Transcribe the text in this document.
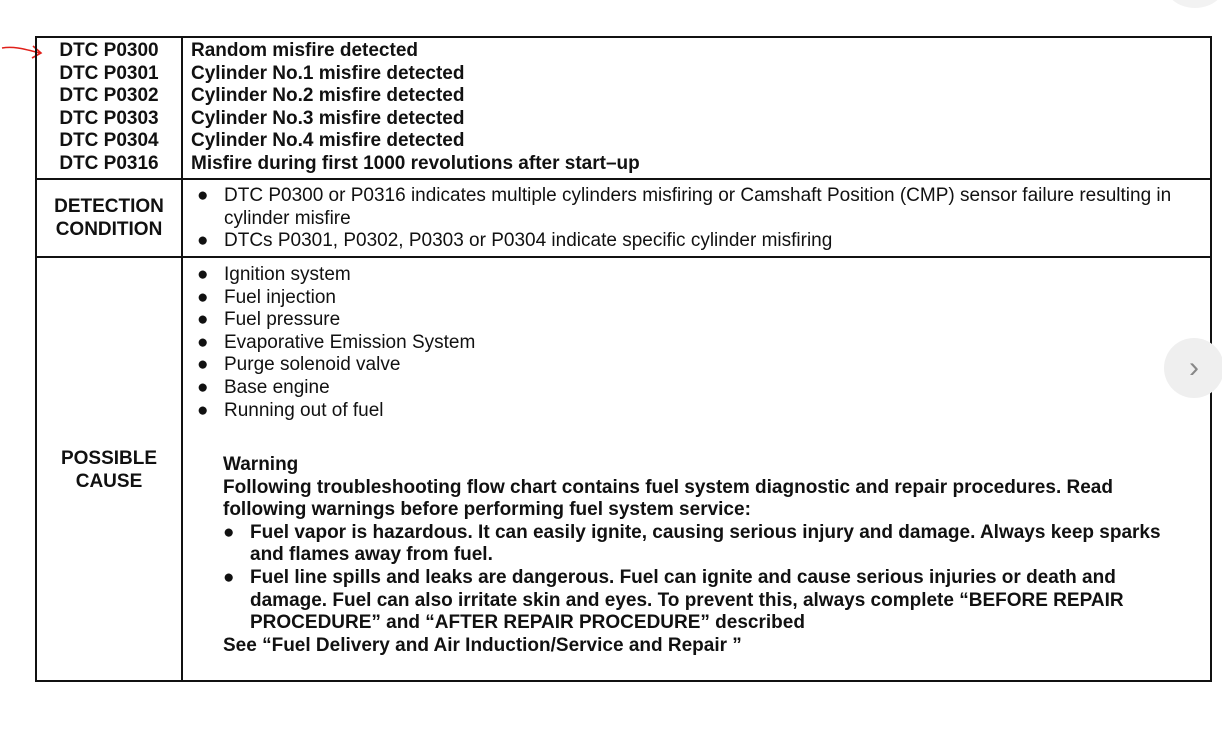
DTC P0300
DTC P0301
DTC P0302
DTC P0303
DTC P0304
DTC P0316
Random misfire detected
Cylinder No.1 misfire detected
Cylinder No.2 misfire detected
Cylinder No.3 misfire detected
Cylinder No.4 misfire detected
Misfire during first 1000 revolutions after start–up
DETECTION
CONDITION
● DTC P0300 or P0316 indicates multiple cylinders misfiring or Camshaft Position (CMP) sensor failure resulting in cylinder misfire
● DTCs P0301, P0302, P0303 or P0304 indicate specific cylinder misfiring
POSSIBLE
CAUSE
● Ignition system
● Fuel injection
● Fuel pressure
● Evaporative Emission System
● Purge solenoid valve
● Base engine
● Running out of fuel
Warning
Following troubleshooting flow chart contains fuel system diagnostic and repair procedures. Read following warnings before performing fuel system service:
● Fuel vapor is hazardous. It can easily ignite, causing serious injury and damage. Always keep sparks and flames away from fuel.
● Fuel line spills and leaks are dangerous. Fuel can ignite and cause serious injuries or death and damage. Fuel can also irritate skin and eyes. To prevent this, always complete “BEFORE REPAIR PROCEDURE” and “AFTER REPAIR PROCEDURE” described
See “Fuel Delivery and Air Induction/Service and Repair ”
›
